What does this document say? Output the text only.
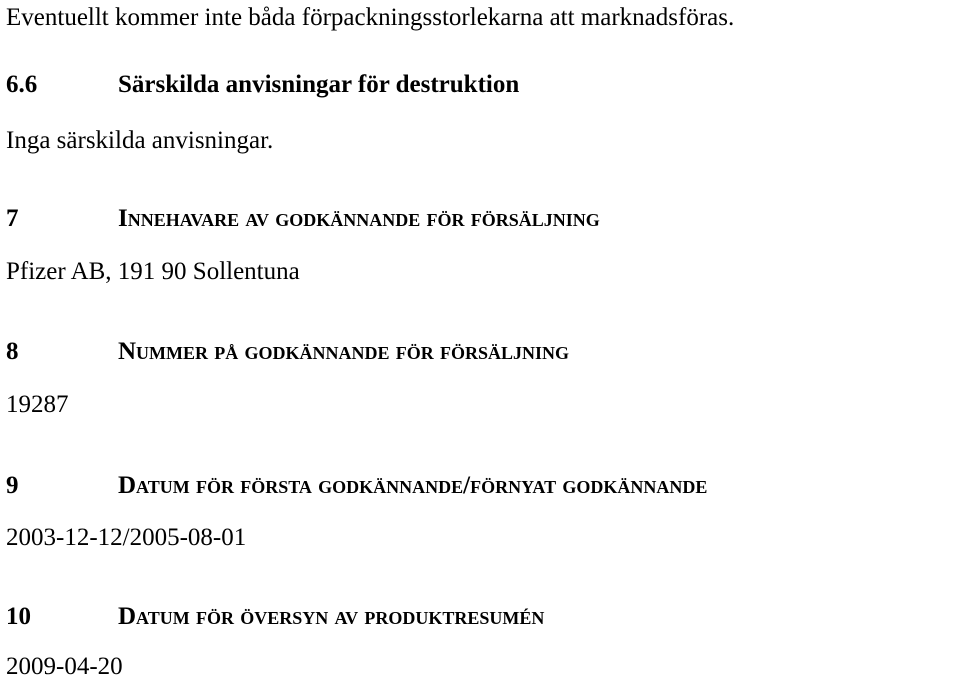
Eventuellt kommer inte båda förpackningsstorlekarna att marknadsföras.
6.6	Särskilda anvisningar för destruktion
Inga särskilda anvisningar.
7	Innehavare av godkännande för försäljning
Pfizer AB, 191 90 Sollentuna
8	Nummer på godkännande för försäljning
19287
9	Datum för första godkännande/förnyat godkännande
2003-12-12/2005-08-01
10	Datum för översyn av produktresumén
2009-04-20
